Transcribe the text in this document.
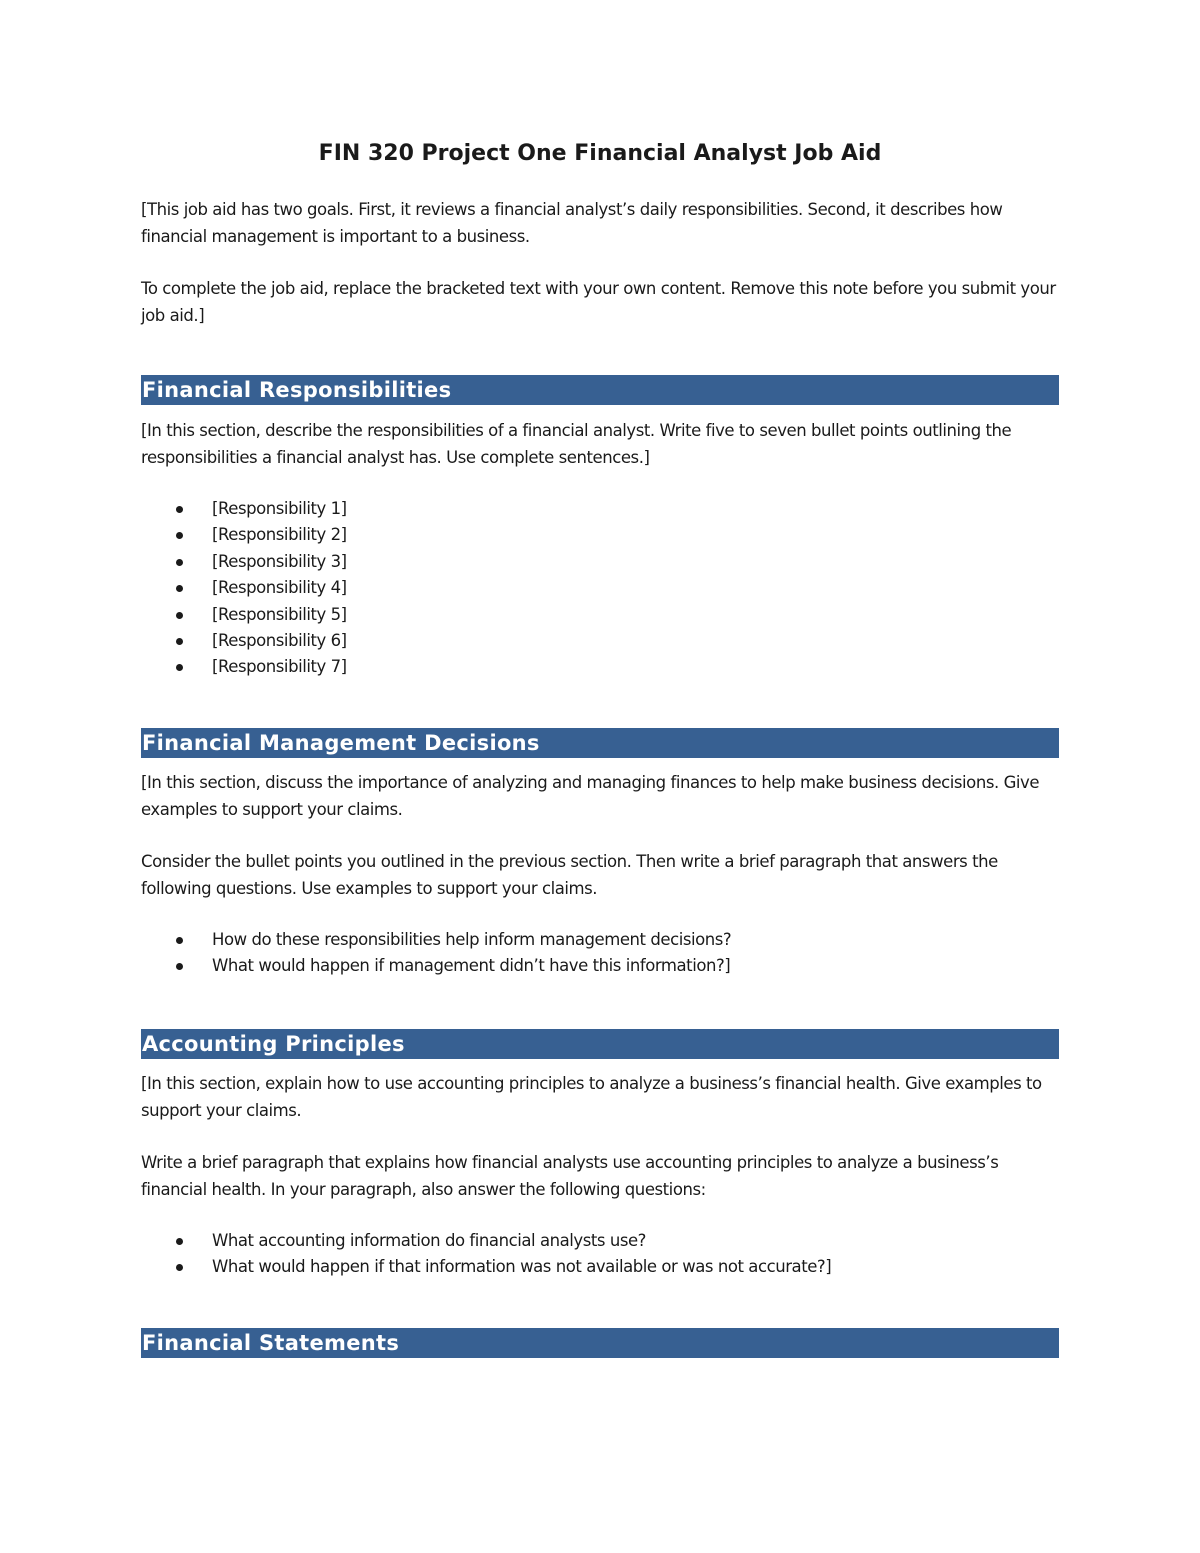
FIN 320 Project One Financial Analyst Job Aid

[This job aid has two goals. First, it reviews a financial analyst’s daily responsibilities. Second, it describes how financial management is important to a business.

To complete the job aid, replace the bracketed text with your own content. Remove this note before you submit your job aid.]

Financial Responsibilities

[In this section, describe the responsibilities of a financial analyst. Write five to seven bullet points outlining the responsibilities a financial analyst has. Use complete sentences.]

[Responsibility 1]
[Responsibility 2]
[Responsibility 3]
[Responsibility 4]
[Responsibility 5]
[Responsibility 6]
[Responsibility 7]
Financial Management Decisions

[In this section, discuss the importance of analyzing and managing finances to help make business decisions. Give examples to support your claims.

Consider the bullet points you outlined in the previous section. Then write a brief paragraph that answers the following questions. Use examples to support your claims.

How do these responsibilities help inform management decisions?
What would happen if management didn’t have this information?]
Accounting Principles

[In this section, explain how to use accounting principles to analyze a business’s financial health. Give examples to support your claims.

Write a brief paragraph that explains how financial analysts use accounting principles to analyze a business’s financial health. In your paragraph, also answer the following questions:

What accounting information do financial analysts use?
What would happen if that information was not available or was not accurate?]
Financial Statements
